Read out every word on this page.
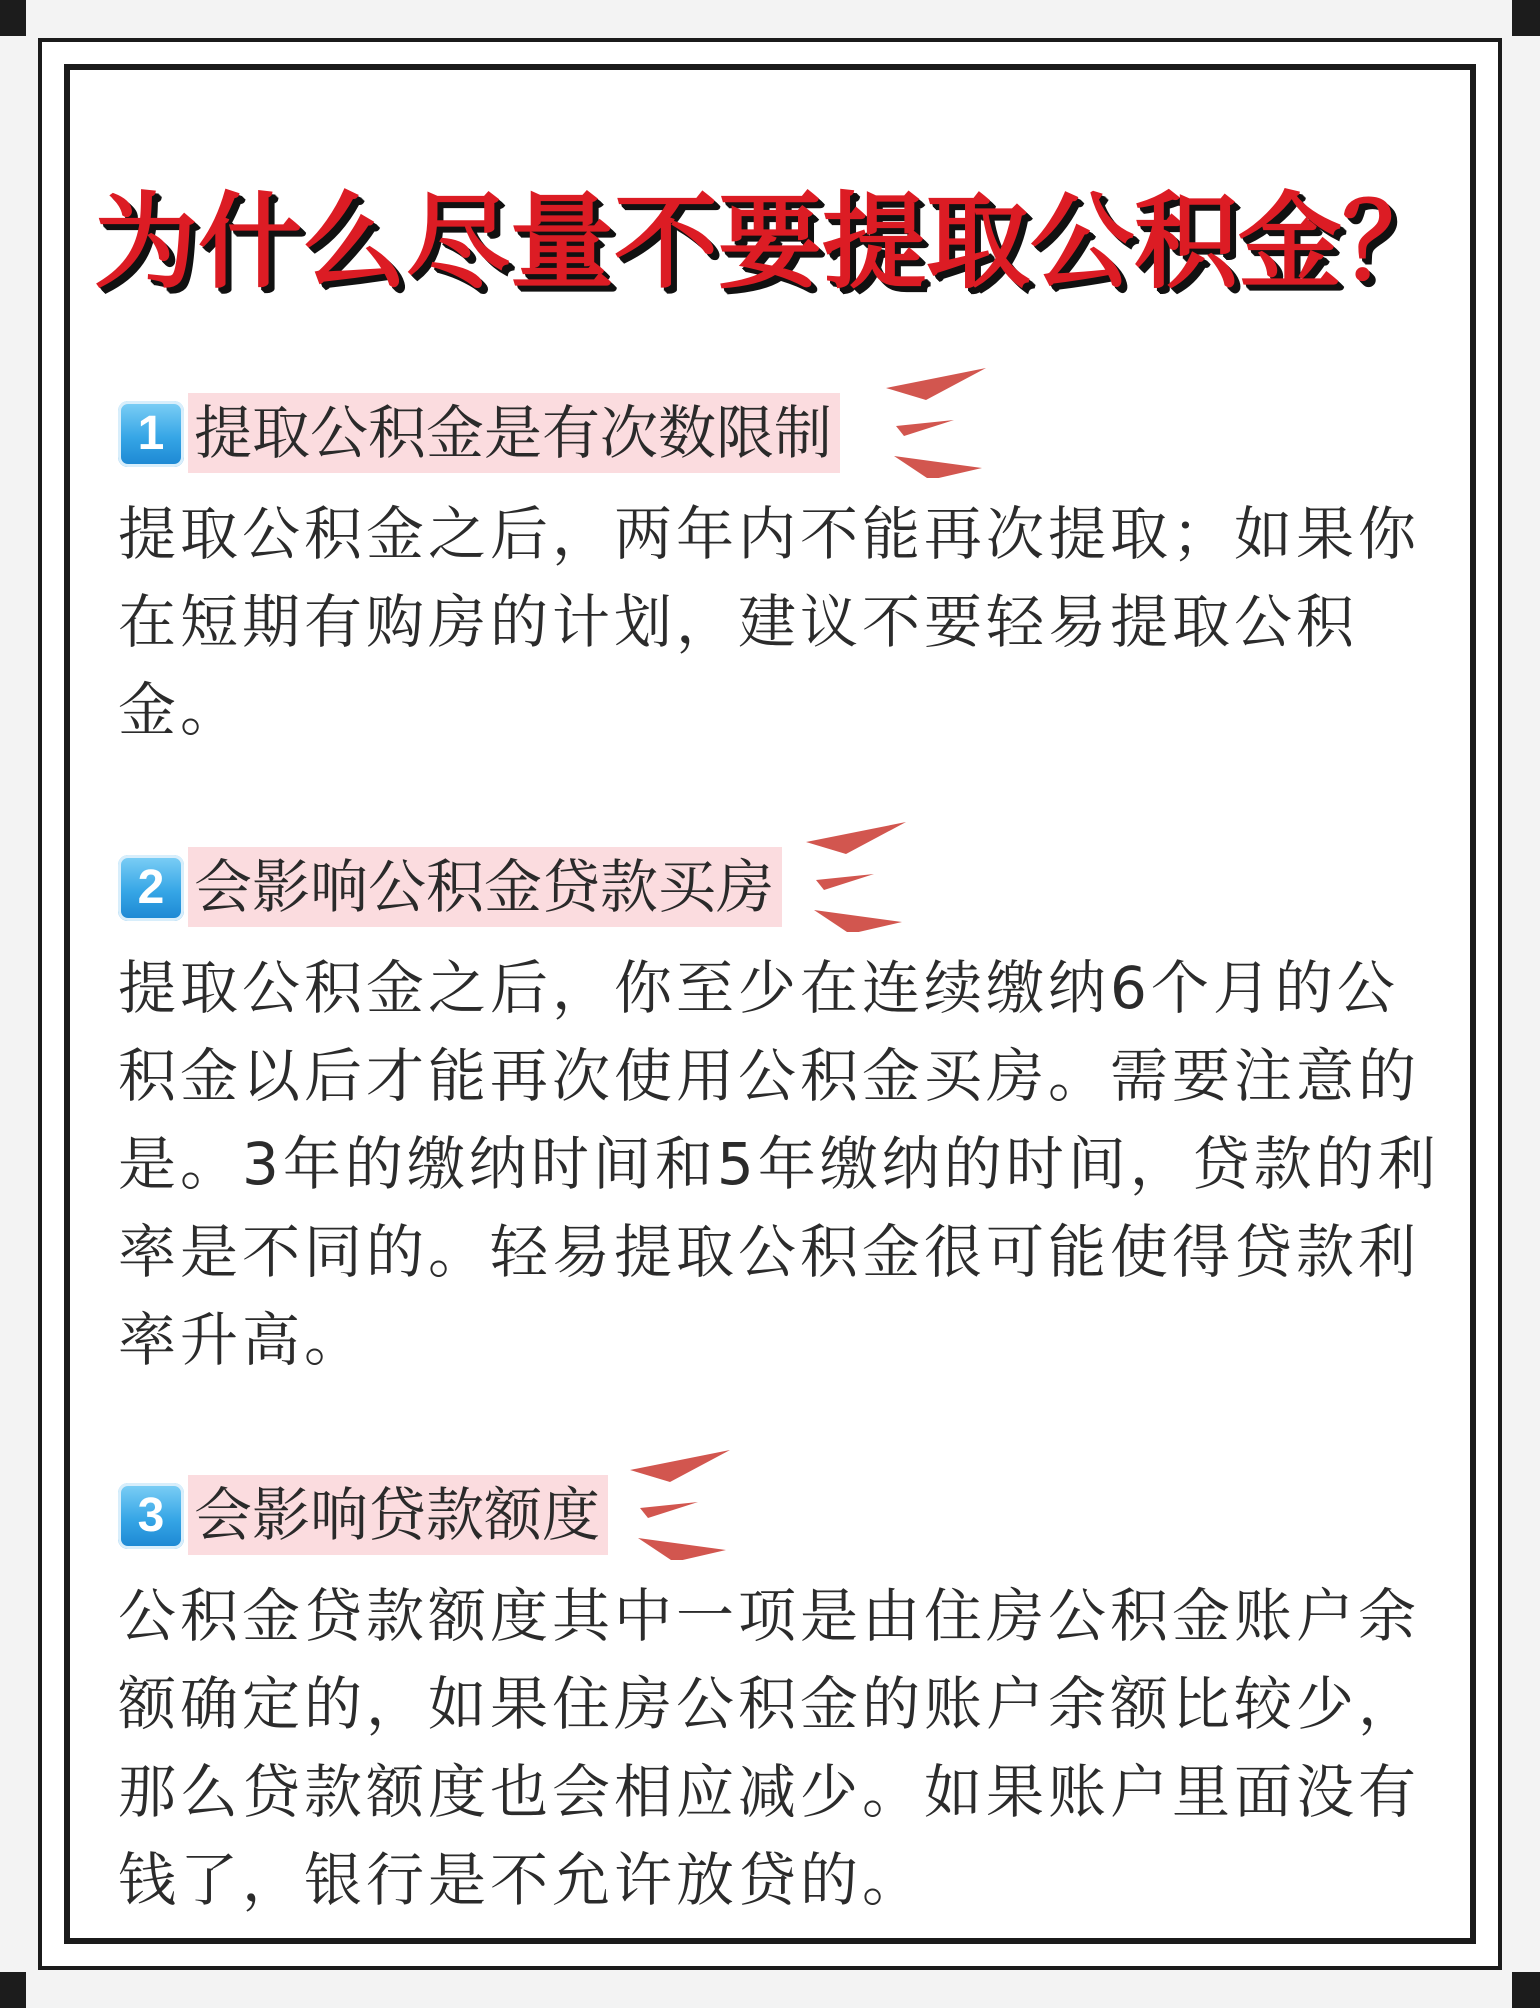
为什么尽量不要提取公积金？
1 提取公积金是有次数限制
提取公积金之后，两年内不能再次提取；如果你在短期有购房的计划，建议不要轻易提取公积金。
2 会影响公积金贷款买房
提取公积金之后，你至少在连续缴纳6个月的公积金以后才能再次使用公积金买房。需要注意的是。3年的缴纳时间和5年缴纳的时间，贷款的利率是不同的。轻易提取公积金很可能使得贷款利率升高。
3 会影响贷款额度
公积金贷款额度其中一项是由住房公积金账户余额确定的，如果住房公积金的账户余额比较少，那么贷款额度也会相应减少。如果账户里面没有钱了，银行是不允许放贷的。
